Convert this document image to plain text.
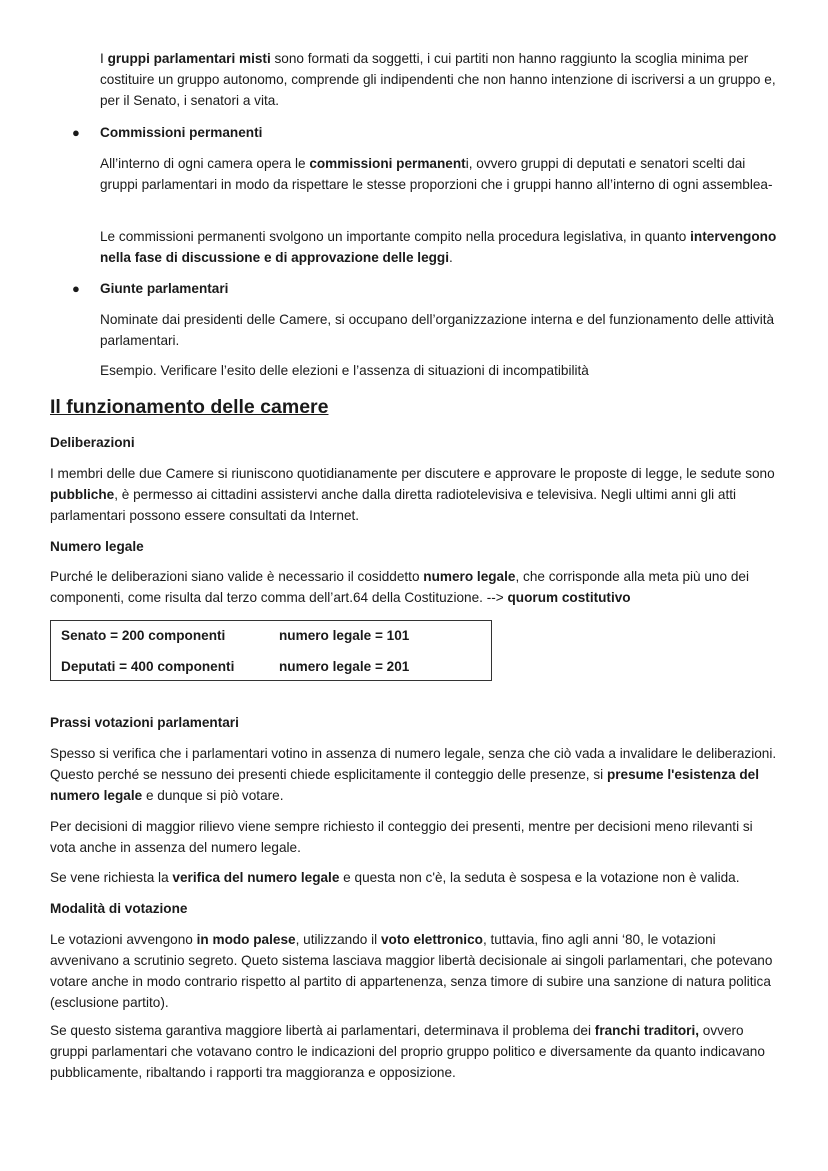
I gruppi parlamentari misti sono formati da soggetti, i cui partiti non hanno raggiunto la scoglia minima per costituire un gruppo autonomo, comprende gli indipendenti che non hanno intenzione di iscriversi a un gruppo e, per il Senato, i senatori a vita.

● Commissioni permanenti

All’interno di ogni camera opera le commissioni permanenti, ovvero gruppi di deputati e senatori scelti dai gruppi parlamentari in modo da rispettare le stesse proporzioni che i gruppi hanno all’interno di ogni assemblea-

Le commissioni permanenti svolgono un importante compito nella procedura legislativa, in quanto intervengono nella fase di discussione e di approvazione delle leggi.

● Giunte parlamentari

Nominate dai presidenti delle Camere, si occupano dell’organizzazione interna e del funzionamento delle attività parlamentari.

Esempio. Verificare l’esito delle elezioni e l’assenza di situazioni di incompatibilità

Il funzionamento delle camere

Deliberazioni

I membri delle due Camere si riuniscono quotidianamente per discutere e approvare le proposte di legge, le sedute sono pubbliche, è permesso ai cittadini assistervi anche dalla diretta radiotelevisiva e televisiva. Negli ultimi anni gli atti parlamentari possono essere consultati da Internet.

Numero legale

Purché le deliberazioni siano valide è necessario il cosiddetto numero legale, che corrisponde alla meta più uno dei componenti, come risulta dal terzo comma dell’art.64 della Costituzione. --> quorum costitutivo

Senato = 200 componenti	numero legale = 101
Deputati = 400 componenti	numero legale = 201

Prassi votazioni parlamentari

Spesso si verifica che i parlamentari votino in assenza di numero legale, senza che ciò vada a invalidare le deliberazioni. Questo perché se nessuno dei presenti chiede esplicitamente il conteggio delle presenze, si presume l'esistenza del numero legale e dunque si piò votare.

Per decisioni di maggior rilievo viene sempre richiesto il conteggio dei presenti, mentre per decisioni meno rilevanti si vota anche in assenza del numero legale.

Se vene richiesta la verifica del numero legale e questa non c'è, la seduta è sospesa e la votazione non è valida.

Modalità di votazione

Le votazioni avvengono in modo palese, utilizzando il voto elettronico, tuttavia, fino agli anni ‘80, le votazioni avvenivano a scrutinio segreto. Queto sistema lasciava maggior libertà decisionale ai singoli parlamentari, che potevano votare anche in modo contrario rispetto al partito di appartenenza, senza timore di subire una sanzione di natura politica (esclusione partito).

Se questo sistema garantiva maggiore libertà ai parlamentari, determinava il problema dei franchi traditori, ovvero gruppi parlamentari che votavano contro le indicazioni del proprio gruppo politico e diversamente da quanto indicavano pubblicamente, ribaltando i rapporti tra maggioranza e opposizione.
